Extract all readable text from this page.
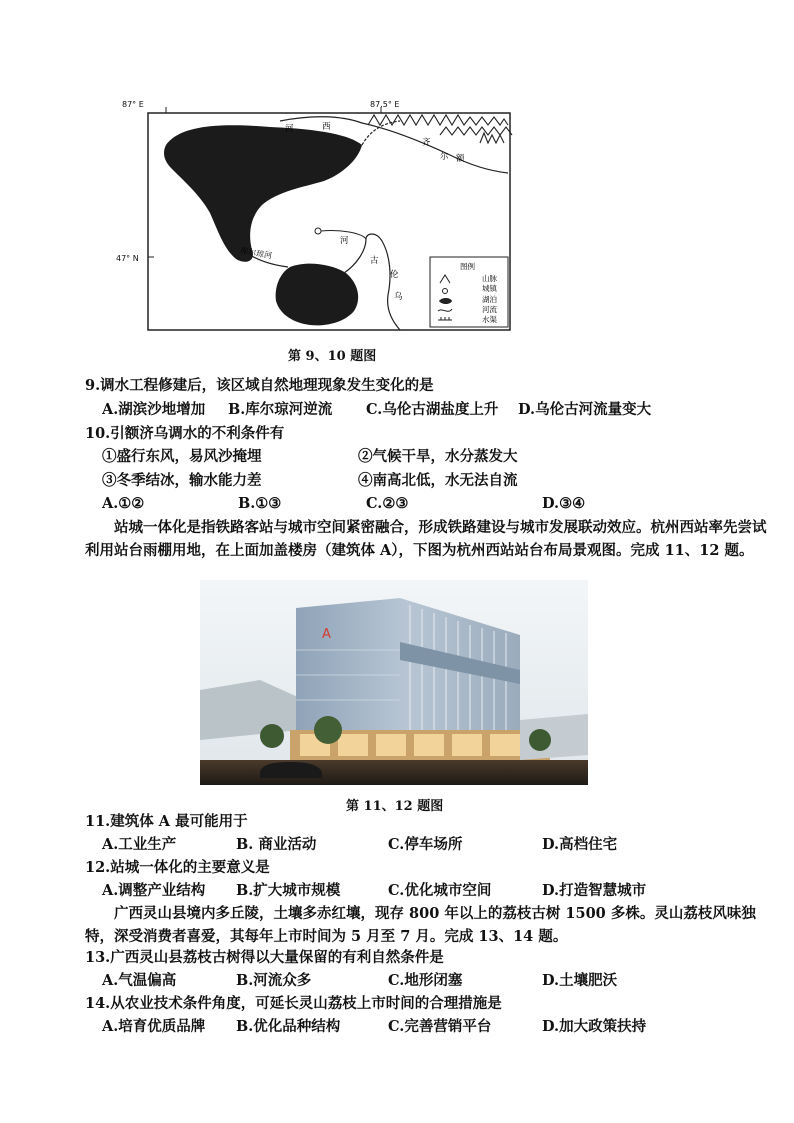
87° E	87.5° E
47° N
河	西
齐
尔 额
库尔琼河
河
古
伦
乌
图例
山脉
城镇
湖泊
河流
水渠
第 9、10 题图
9.调水工程修建后，该区域自然地理现象发生变化的是
A.湖滨沙地增加 B.库尔琼河逆流 C.乌伦古湖盐度上升 D.乌伦古河流量变大
10.引额济乌调水的不利条件有
①盛行东风，易风沙掩埋	②气候干旱，水分蒸发大
③冬季结冰，输水能力差	④南高北低，水无法自流
A.①②	B.①③	C.②③	D.③④
站城一体化是指铁路客站与城市空间紧密融合，形成铁路建设与城市发展联动效应。杭州西站率先尝试利用站台雨棚用地，在上面加盖楼房（建筑体 A），下图为杭州西站站台布局景观图。完成 11、12 题。
A
第 11、12 题图
11.建筑体 A 最可能用于
A.工业生产	B. 商业活动	C.停车场所	D.高档住宅
12.站城一体化的主要意义是
A.调整产业结构 B.扩大城市规模	C.优化城市空间	D.打造智慧城市
广西灵山县境内多丘陵，土壤多赤红壤，现存 800 年以上的荔枝古树 1500 多株。灵山荔枝风味独特，深受消费者喜爱，其每年上市时间为 5 月至 7 月。完成 13、14 题。
13.广西灵山县荔枝古树得以大量保留的有利自然条件是
A.气温偏高	B.河流众多	C.地形闭塞	D.土壤肥沃
14.从农业技术条件角度，可延长灵山荔枝上市时间的合理措施是
A.培育优质品牌 B.优化品种结构	C.完善营销平台	D.加大政策扶持
